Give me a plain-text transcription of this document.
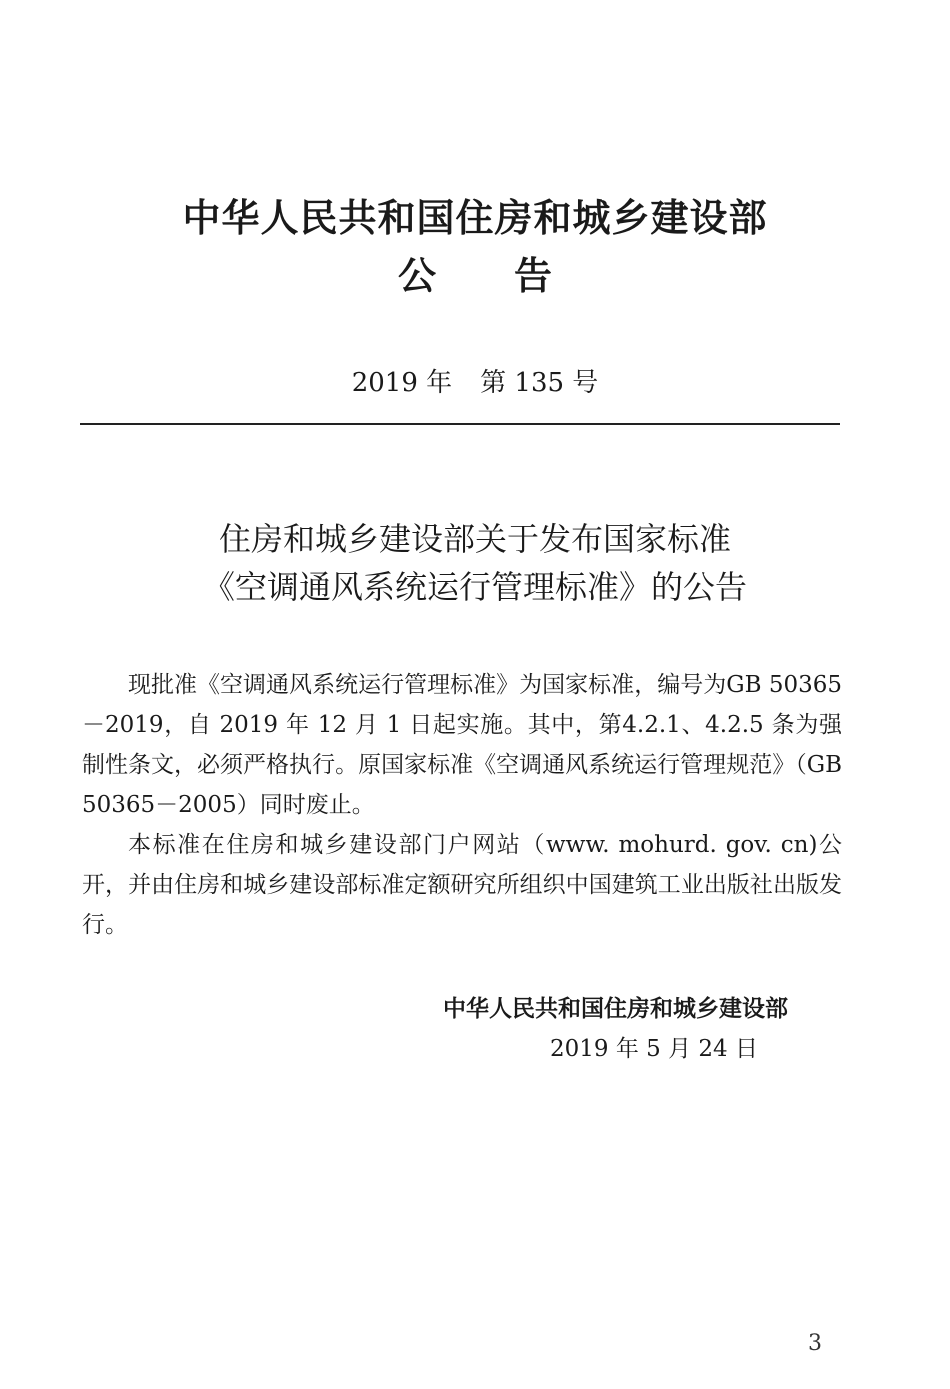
中华人民共和国住房和城乡建设部
公 告
2019 年 第 135 号
住房和城乡建设部关于发布国家标准
《空调通风系统运行管理标准》的公告

现批准《空调通风系统运行管理标准》为国家标准，编号为GB 50365－2019，自 2019 年 12 月 1 日起实施。其中，第4.2.1、4.2.5 条为强制性条文，必须严格执行。原国家标准《空调通风系统运行管理规范》（GB 50365－2005）同时废止。

本标准在住房和城乡建设部门户网站（www. mohurd. gov. cn)公开，并由住房和城乡建设部标准定额研究所组织中国建筑工业出版社出版发行。

中华人民共和国住房和城乡建设部
2019 年 5 月 24 日
3
